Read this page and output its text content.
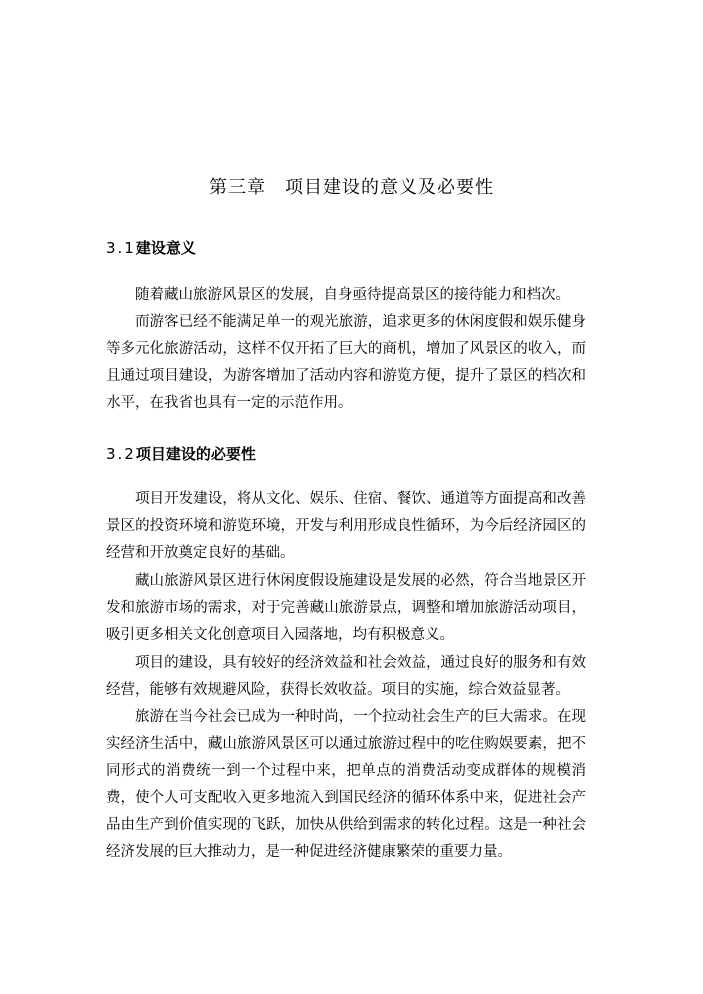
第三章　项目建设的意义及必要性
3.1建设意义

随着藏山旅游风景区的发展，自身亟待提高景区的接待能力和档次。

而游客已经不能满足单一的观光旅游，追求更多的休闲度假和娱乐健身等多元化旅游活动，这样不仅开拓了巨大的商机，增加了风景区的收入，而且通过项目建设，为游客增加了活动内容和游览方便，提升了景区的档次和水平，在我省也具有一定的示范作用。

3.2项目建设的必要性

项目开发建设，将从文化、娱乐、住宿、餐饮、通道等方面提高和改善景区的投资环境和游览环境，开发与利用形成良性循环，为今后经济园区的经营和开放奠定良好的基础。

藏山旅游风景区进行休闲度假设施建设是发展的必然，符合当地景区开发和旅游市场的需求，对于完善藏山旅游景点，调整和增加旅游活动项目，吸引更多相关文化创意项目入园落地，均有积极意义。

项目的建设，具有较好的经济效益和社会效益，通过良好的服务和有效经营，能够有效规避风险，获得长效收益。项目的实施，综合效益显著。

旅游在当今社会已成为一种时尚，一个拉动社会生产的巨大需求。在现实经济生活中，藏山旅游风景区可以通过旅游过程中的吃住购娱要素，把不同形式的消费统一到一个过程中来，把单点的消费活动变成群体的规模消费，使个人可支配收入更多地流入到国民经济的循环体系中来，促进社会产品由生产到价值实现的飞跃，加快从供给到需求的转化过程。这是一种社会经济发展的巨大推动力，是一种促进经济健康繁荣的重要力量。
